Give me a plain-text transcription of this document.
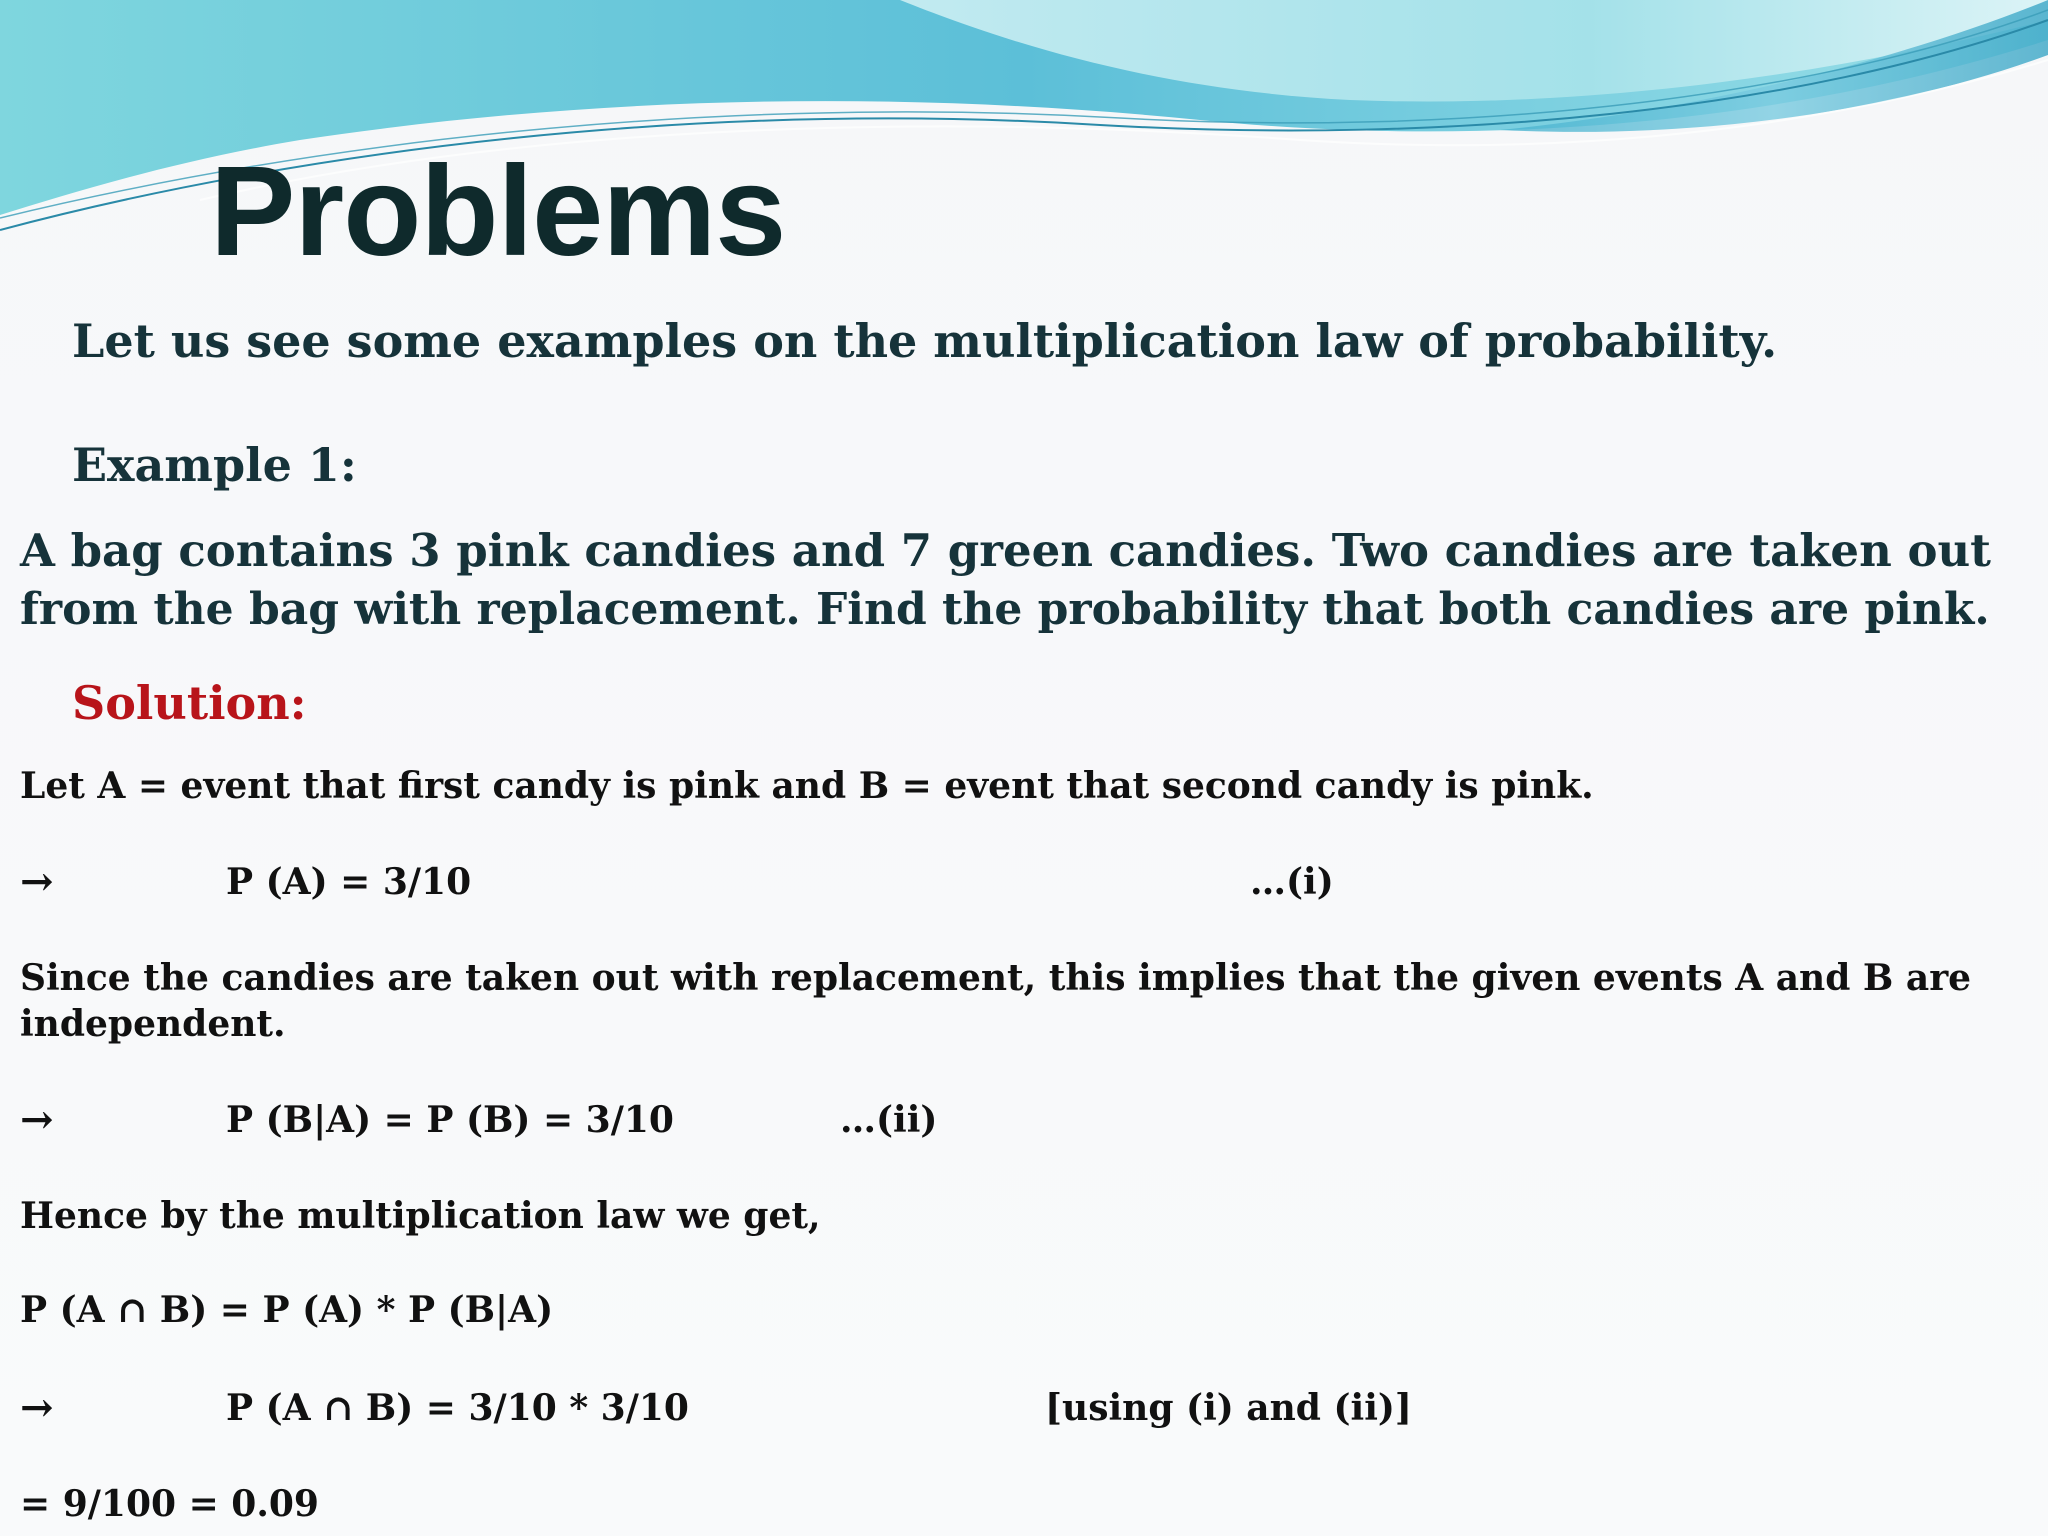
Problems
Let us see some examples on the multiplication law of probability.
Example 1:
A bag contains 3 pink candies and 7 green candies. Two candies are taken out
from the bag with replacement. Find the probability that both candies are pink.
Solution:
Let A = event that first candy is pink and B = event that second candy is pink.
→	P (A) = 3/10	…(i)
Since the candies are taken out with replacement, this implies that the given events A and B are
independent.
→	P (B|A) = P (B) = 3/10	…(ii)
Hence by the multiplication law we get,
P (A ∩ B) = P (A) * P (B|A)
→	P (A ∩ B) = 3/10 * 3/10	[using (i) and (ii)]
= 9/100 = 0.09
